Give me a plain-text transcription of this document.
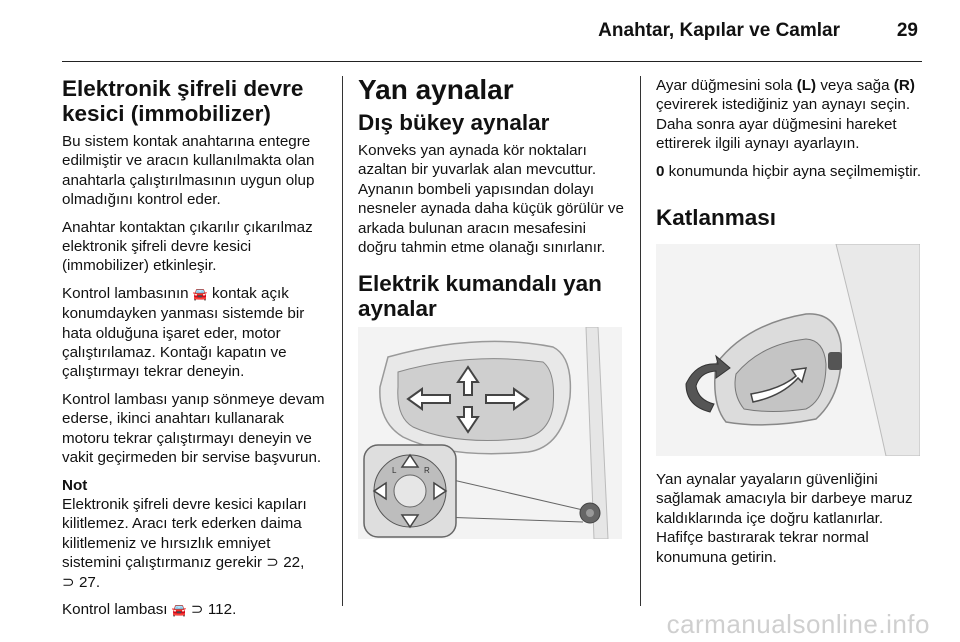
Anahtar, Kapılar ve Camlar	29
Elektronik şifreli devre kesici (immobilizer)

Bu sistem kontak anahtarına entegre edilmiştir ve aracın kullanılmakta olan anahtarla çalıştırılmasının uygun olup olmadığını kontrol eder.

Anahtar kontaktan çıkarılır çıkarılmaz elektronik şifreli devre kesici (immobilizer) etkinleşir.

Kontrol lambasının 🚘 kontak açık konumdayken yanması sistemde bir hata olduğuna işaret eder, motor çalıştırılamaz. Kontağı kapatın ve çalıştırmayı tekrar deneyin.

Kontrol lambası yanıp sönmeye devam ederse, ikinci anahtarı kullanarak motoru tekrar çalıştırmayı deneyin ve vakit geçirmeden bir servise başvurun.

Not
Elektronik şifreli devre kesici kapıları kilitlemez. Aracı terk ederken daima kilitlemeniz ve hırsızlık emniyet sistemini çalıştırmanız gerekir ⊃ 22,
⊃ 27.

Kontrol lambası 🚘 ⊃ 112.

Yan aynalar
Dış bükey aynalar

Konveks yan aynada kör noktaları azaltan bir yuvarlak alan mevcuttur. Aynanın bombeli yapısından dolayı nesneler aynada daha küçük görülür ve arkada bulunan aracın mesafesini doğru tahmin etme olanağı sınırlanır.

Elektrik kumandalı yan aynalar
L	R

Ayar düğmesini sola (L) veya sağa (R) çevirerek istediğiniz yan aynayı seçin. Daha sonra ayar düğmesini hareket ettirerek ilgili aynayı ayarlayın.

0 konumunda hiçbir ayna seçilmemiştir.

Katlanması

Yan aynalar yayaların güvenliğini sağlamak amacıyla bir darbeye maruz kaldıklarında içe doğru katlanırlar. Hafifçe bastırarak tekrar normal konumuna getirin.

carmanualsonline.info
